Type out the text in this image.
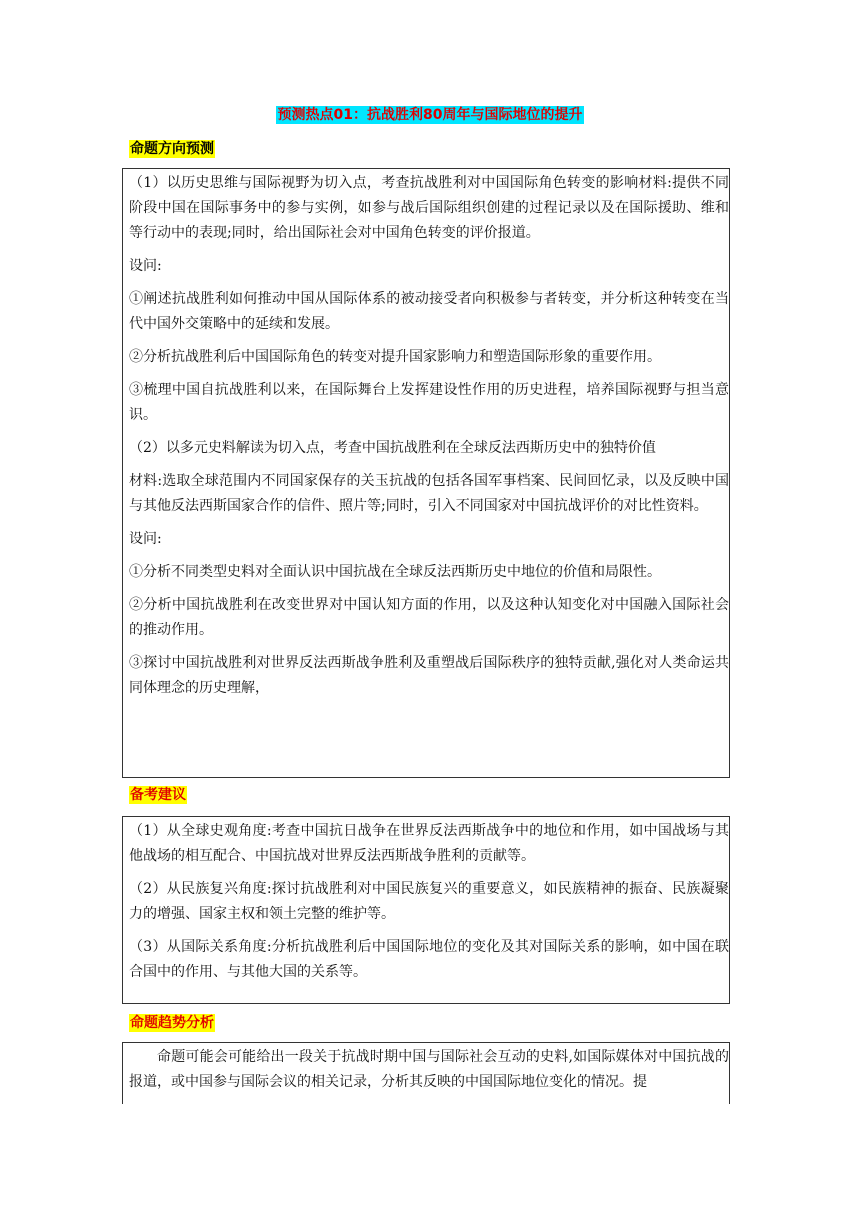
预测热点01：抗战胜利80周年与国际地位的提升
命题方向预测

（1）以历史思维与国际视野为切入点，考查抗战胜利对中国国际角色转变的影响材料:提供不同阶段中国在国际事务中的参与实例，如参与战后国际组织创建的过程记录以及在国际援助、维和等行动中的表现;同时，给出国际社会对中国角色转变的评价报道。

设问:

①阐述抗战胜利如何推动中国从国际体系的被动接受者向积极参与者转变，并分析这种转变在当代中国外交策略中的延续和发展。

②分析抗战胜利后中国国际角色的转变对提升国家影响力和塑造国际形象的重要作用。

③梳理中国自抗战胜利以来，在国际舞台上发挥建设性作用的历史进程，培养国际视野与担当意识。

（2）以多元史料解读为切入点，考查中国抗战胜利在全球反法西斯历史中的独特价值

材料:选取全球范围内不同国家保存的关玉抗战的包括各国军事档案、民间回忆录，以及反映中国与其他反法西斯国家合作的信件、照片等;同时，引入不同国家对中国抗战评价的对比性资料。

设问:

①分析不同类型史料对全面认识中国抗战在全球反法西斯历史中地位的价值和局限性。

②分析中国抗战胜利在改变世界对中国认知方面的作用，以及这种认知变化对中国融入国际社会的推动作用。

③探讨中国抗战胜利对世界反法西斯战争胜利及重塑战后国际秩序的独特贡献,强化对人类命运共同体理念的历史理解，

备考建议

（1）从全球史观角度:考查中国抗日战争在世界反法西斯战争中的地位和作用，如中国战场与其他战场的相互配合、中国抗战对世界反法西斯战争胜利的贡献等。

（2）从民族复兴角度:探讨抗战胜利对中国民族复兴的重要意义，如民族精神的振奋、民族凝聚力的增强、国家主权和领土完整的维护等。

（3）从国际关系角度:分析抗战胜利后中国国际地位的变化及其对国际关系的影响，如中国在联合国中的作用、与其他大国的关系等。

命题趋势分析

命题可能会可能给出一段关于抗战时期中国与国际社会互动的史料,如国际媒体对中国抗战的报道，或中国参与国际会议的相关记录，分析其反映的中国国际地位变化的情况。提
